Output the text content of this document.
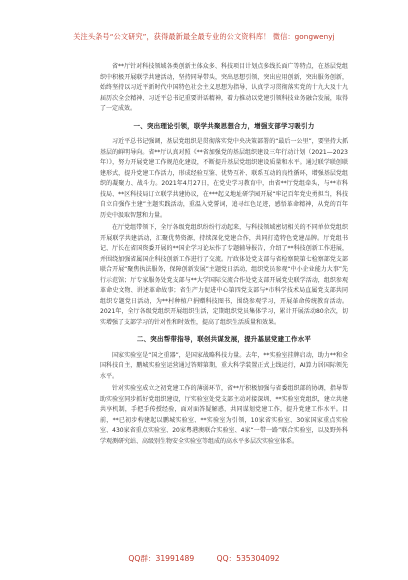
关注头条号“公文研究”，获得最新最全最专业的公文资料库！ 微信：gongwenyj
省**厅针对科技领域各类创新主体众多、科技项目计划点多线长面广等特点，在基层党组织中积极开展联学共建活动，坚持同导带头，突出思想引领，突出应用创新，突出服务创新，始终坚持以习近平新时代中国特色社会主义思想为指导，认真学习贯彻落实党的十九大及十九届历次全会精神、习近平总书记重要讲话精神，着力推动以党建引领科技业务融合发展，取得了一定成效。
一、突出理论引领，联学共聚思想合力，增强支部学习吸引力
习近平总书记强调，基层党组织是贯彻落实党中央决策部署的“最后一公里”，要坚持大抓基层的鲜明导向。省**厅认真对照《**省加强党的基层组织建设三年行动计划（2021—2023年）》，努力开展党建工作规范化建设，不断提升基层党组织建设质量和水平。通过联学联创联建形式，提升党建工作活力，形成经验互鉴、优势互补、联系互动的良性循环，增强基层党组织的凝聚力、战斗力。2021年4月27日，在党史学习教育中，由省**厅党组牵头，与**市科技局、**区科技局订立联学共建协议，在***起义地址研学园开展“牢记百年党史勇担当，科技自立自强作主建”主题实践活动，重温入党誓词，追寻红色足迹，感悟革命精神，从党的百年历史中汲取智慧和力量。
在厅党组带领下，全厅各级党组织纷纷行动起来，与科技领域密切相关的不同单位党组织开展联学共建活动，汇聚优势资源，持续深化党建合作，共同打造特色党建品牌。厅党组书记、厅长在省国资委开展的**国企学习论坛作了专题辅导报告，介绍了**科技创新工作进展，并围绕加强省属国企科技创新工作进行了交流。厅政体处党支部与省检察院第七检察部党支部联合开展“聚焦执法服务，保障创新发展”主题党日活动，组织党员参观“中小企业能力大事”先行示范馆；厅专家服务处党支部与**大学国际交流合作处党支部开展党史联学活动，组织参观革命史文物、讲述革命故事；省生产力促进中心第四党支部与*市科学技术局直属党支部共同组织专题党日活动，为**村种植户捐赠科技图书，围绕参观学习，开展革命传统教育活动。2021年，全厅各级党组织开展组织生活，定期组织党员集体学习，累计开展活动80余次，切实增强了支部学习的针对性和时效性，提高了组织生活质量和效果。
二、突出帮带指导，联创共谋发展，提升基层党建工作水平
国家实验室是“国之重器”，是国家战略科技力量。去年，**实验室挂牌启动，助力**和全国科技自主，鹏城实验室运营通过答辩第期，重大科学装置正式上线运行，AI算力居国际领先水平。
针对实验室成立之初党建工作的薄弱环节，省**厅积极加强与省委组织部的协调，指导帮助实验室同步抓好党组织建设，厅实验室处党支部主动对接深圳、**实验室党组织，建立共建共享机制，手把手传授经验，面对面答疑解惑，共同谋划党建工作，提升党建工作水平。目前，**已初步构建起以鹏城实验室、**实验室为引领，10家省实验室、30家国家重点实验室、430家省重点实验室、20家粤港澳联合实验室、4家“一带一路”联合实验室，以及野外科学观测研究站、高级别生物安全实验室等组成的高水平多层次实验室体系。
QQ群：31991489	QQ：535304092
